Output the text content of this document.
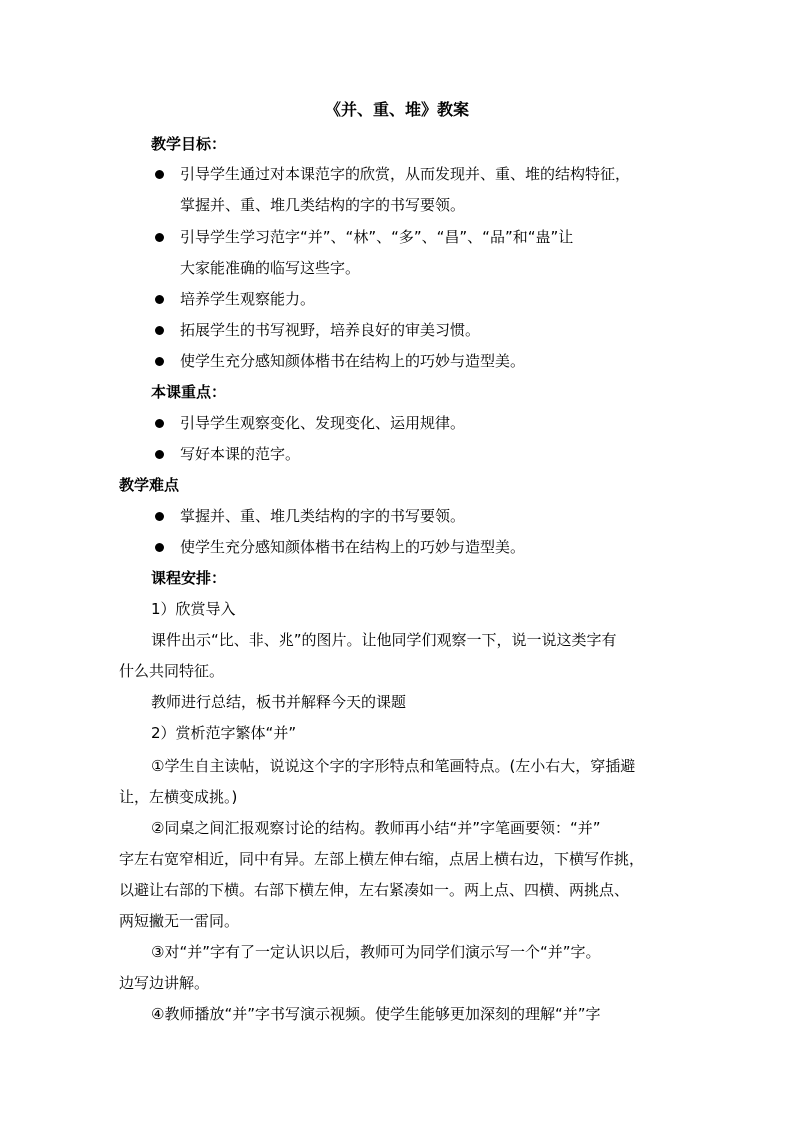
《并、重、堆》教案
教学目标：
引导学生通过对本课范字的欣赏，从而发现并、重、堆的结构特征，
掌握并、重、堆几类结构的字的书写要领。
引导学生学习范字“并”、“林”、“多”、“昌”、“品”和“蛊”让
大家能准确的临写这些字。
培养学生观察能力。
拓展学生的书写视野，培养良好的审美习惯。
使学生充分感知颜体楷书在结构上的巧妙与造型美。
本课重点：
引导学生观察变化、发现变化、运用规律。
写好本课的范字。
教学难点
掌握并、重、堆几类结构的字的书写要领。
使学生充分感知颜体楷书在结构上的巧妙与造型美。
课程安排：
1）欣赏导入
课件出示“比、非、兆”的图片。让他同学们观察一下，说一说这类字有
什么共同特征。
教师进行总结，板书并解释今天的课题
2）赏析范字繁体“并”
①学生自主读帖，说说这个字的字形特点和笔画特点。(左小右大，穿插避
让，左横变成挑。)
②同桌之间汇报观察讨论的结构。教师再小结“并”字笔画要领：“并”
字左右宽窄相近，同中有异。左部上横左伸右缩，点居上横右边，下横写作挑，
以避让右部的下横。右部下横左伸，左右紧凑如一。两上点、四横、两挑点、
两短撇无一雷同。
③对“并”字有了一定认识以后，教师可为同学们演示写一个“并”字。
边写边讲解。
④教师播放“并”字书写演示视频。使学生能够更加深刻的理解“并”字
